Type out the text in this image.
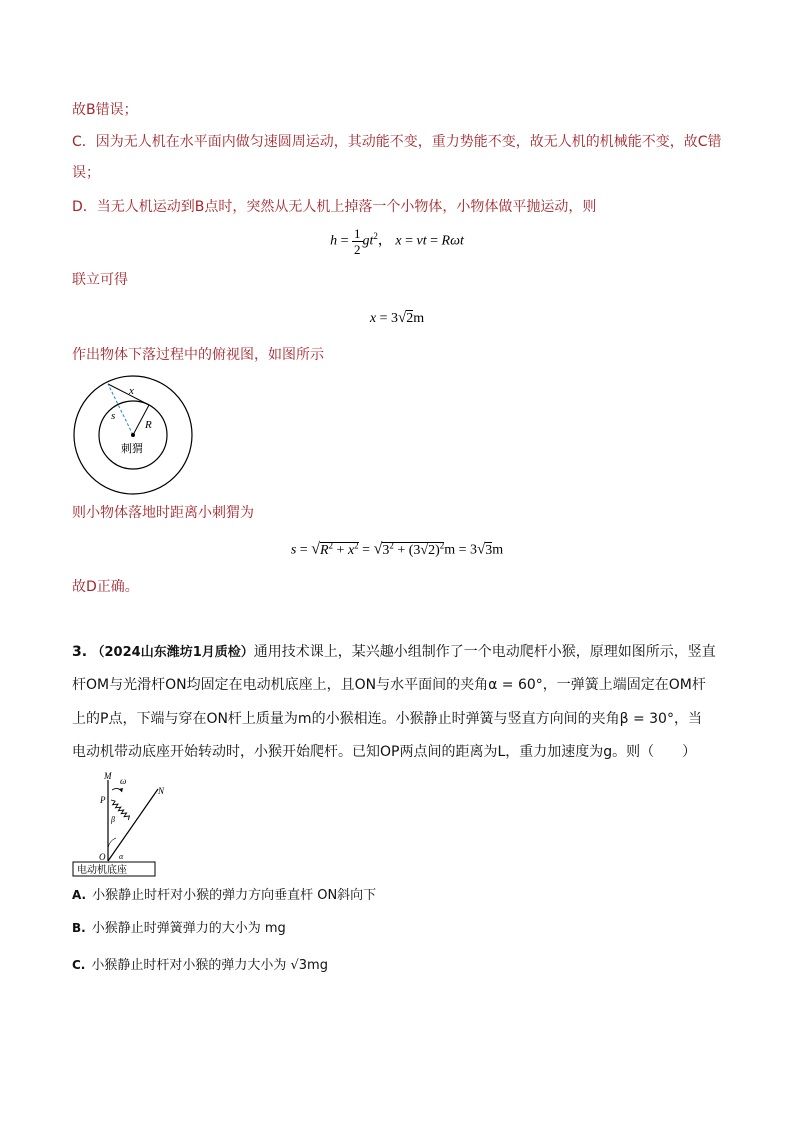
故B错误；
C．因为无人机在水平面内做匀速圆周运动，其动能不变，重力势能不变，故无人机的机械能不变，故C错
误；
D．当无人机运动到B点时，突然从无人机上掉落一个小物体，小物体做平抛运动，则
$h = \frac{1}{2} gt^2$， x = vt = Rωt
联立可得
x = 3√2m
作出物体下落过程中的俯视图，如图所示
x
s
R
刺猬
则小物体落地时距离小刺猬为
$s = √R^2 + x^2 = √3^2 + (3√2)^2m = 3√3m$
故D正确。
3. （2024山东潍坊1月质检）通用技术课上，某兴趣小组制作了一个电动爬杆小猴，原理如图所示，竖直
杆OM与光滑杆ON均固定在电动机底座上，且ON与水平面间的夹角α = 60°，一弹簧上端固定在OM杆
上的P点，下端与穿在ON杆上质量为m的小猴相连。小猴静止时弹簧与竖直方向间的夹角β = 30°，当
电动机带动底座开始转动时，小猴开始爬杆。已知OP两点间的距离为L，重力加速度为g。则（　　）
M ω
P
N
β
O α
电动机底座
A. 小猴静止时杆对小猴的弹力方向垂直杆 ON斜向下
B. 小猴静止时弹簧弹力的大小为 mg
C. 小猴静止时杆对小猴的弹力大小为 √3mg
